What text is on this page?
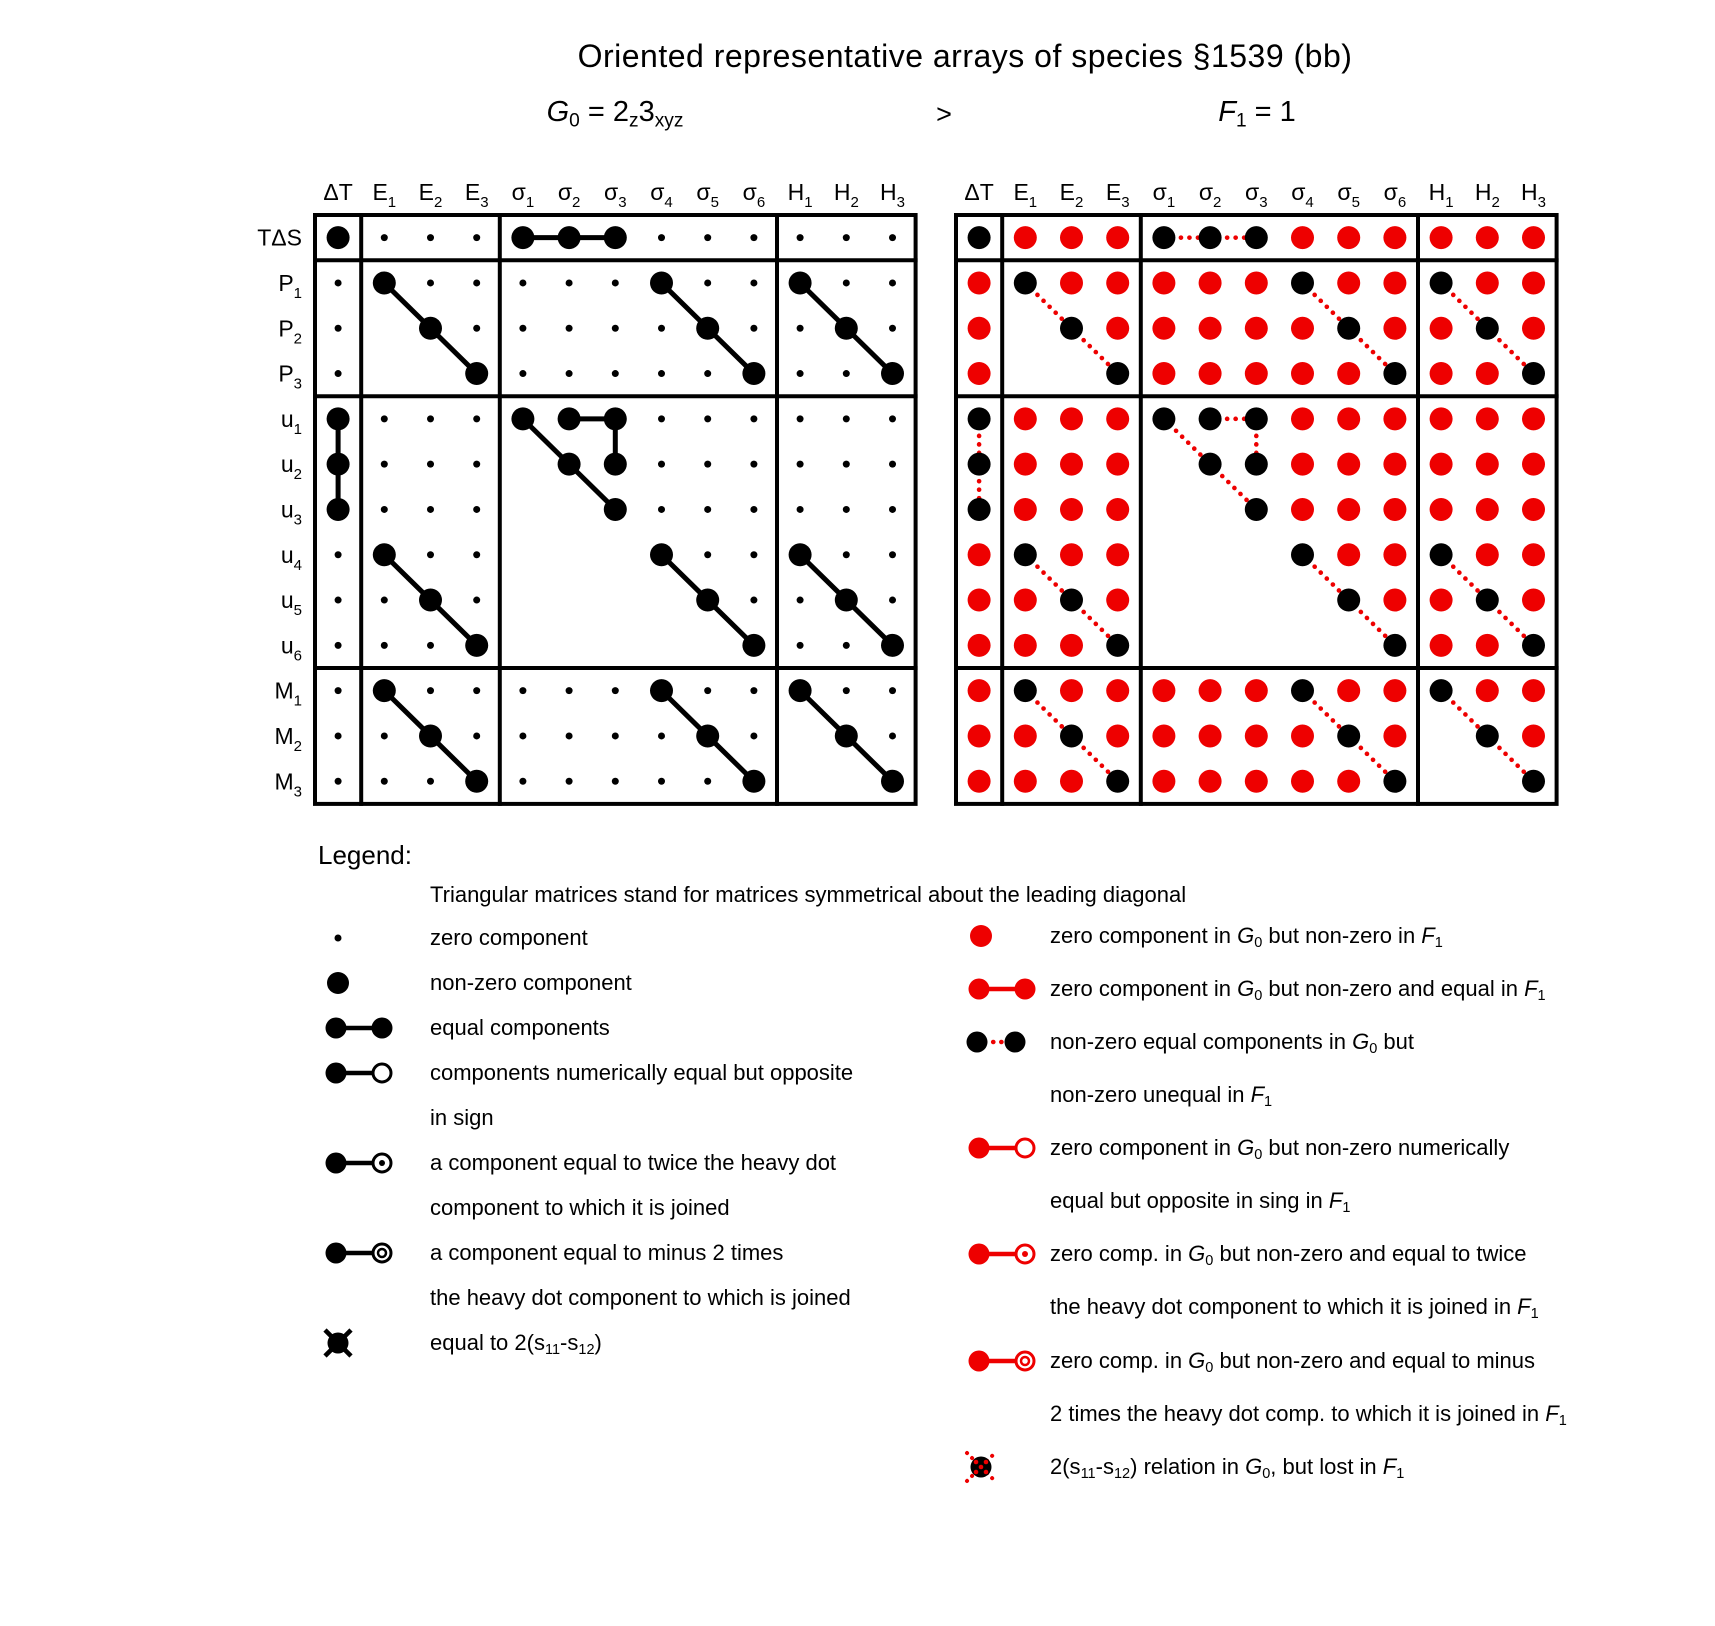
Oriented representative arrays of species §1539 (bb)
$G_0 = 2_z3_{xyz}$	>	$F_1 = 1$
ΔT $E_1$ $E_2$ $E_3$ $\sigma_1$ $\sigma_2$ $\sigma_3$ $\sigma_4$ $\sigma_5$ $\sigma_6$ $H_1$ $H_2$ $H_3$
TΔS
$P_1$
$P_2$
$P_3$
$u_1$
$u_2$
$u_3$
$u_4$
$u_5$
$u_6$
$M_1$
$M_2$
$M_3$
ΔT $E_1$ $E_2$ $E_3$ $\sigma_1$ $\sigma_2$ $\sigma_3$ $\sigma_4$ $\sigma_5$ $\sigma_6$ $H_1$ $H_2$ $H_3$
Legend:
Triangular matrices stand for matrices symmetrical about the leading diagonal
zero component
non-zero component
equal components
components numerically equal but opposite
in sign
a component equal to twice the heavy dot
component to which it is joined
a component equal to minus 2 times
the heavy dot component to which is joined
equal to $2(s_{11}-s_{12})$
zero component in $G_0$ but non-zero in $F_1$
zero component in $G_0$ but non-zero and equal in $F_1$
non-zero equal components in $G_0$ but
non-zero unequal in $F_1$
zero component in $G_0$ but non-zero numerically
equal but opposite in sing in $F_1$
zero comp. in $G_0$ but non-zero and equal to twice
the heavy dot component to which it is joined in $F_1$
zero comp. in $G_0$ but non-zero and equal to minus
2 times the heavy dot comp. to which it is joined in $F_1$
$2(s_{11}-s_{12})$ relation in $G_0$, but lost in $F_1$
